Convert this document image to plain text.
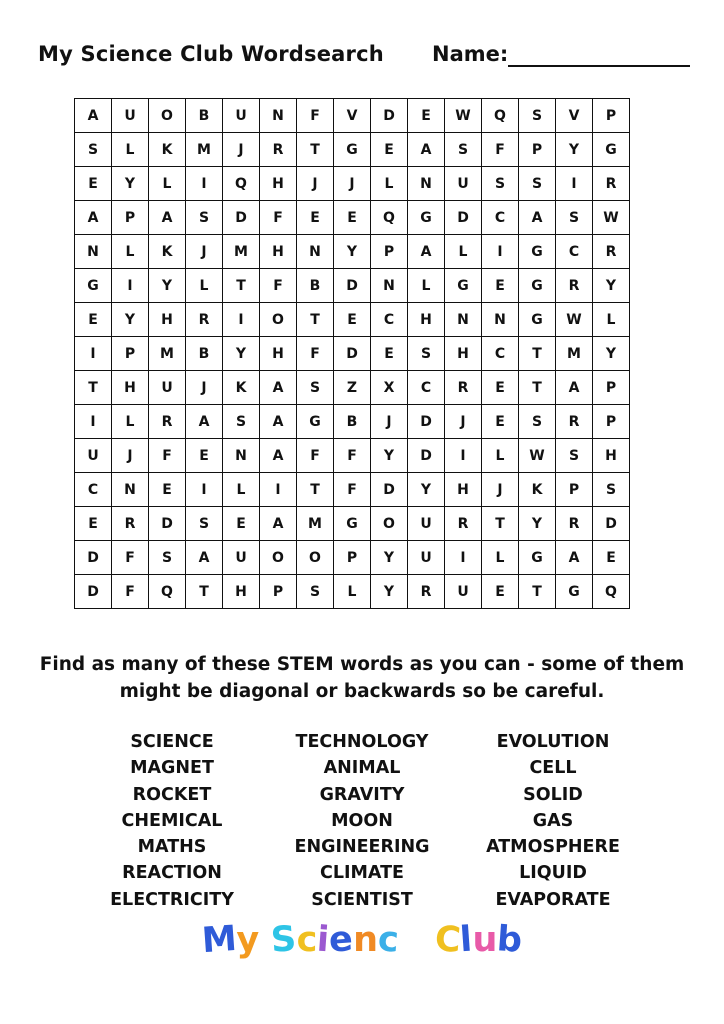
My Science Club Wordsearch Name:
A	U	O	B	U	N	F	V	D	E	W	Q	S	V	P
S	L	K	M	J	R	T	G	E	A	S	F	P	Y	G
E	Y	L	I	Q	H	J	J	L	N	U	S	S	I	R
A	P	A	S	D	F	E	E	Q	G	D	C	A	S	W
N	L	K	J	M	H	N	Y	P	A	L	I	G	C	R
G	I	Y	L	T	F	B	D	N	L	G	E	G	R	Y
E	Y	H	R	I	O	T	E	C	H	N	N	G	W	L
I	P	M	B	Y	H	F	D	E	S	H	C	T	M	Y
T	H	U	J	K	A	S	Z	X	C	R	E	T	A	P
I	L	R	A	S	A	G	B	J	D	J	E	S	R	P
U	J	F	E	N	A	F	F	Y	D	I	L	W	S	H
C	N	E	I	L	I	T	F	D	Y	H	J	K	P	S
E	R	D	S	E	A	M	G	O	U	R	T	Y	R	D
D	F	S	A	U	O	O	P	Y	U	I	L	G	A	E
D	F	Q	T	H	P	S	L	Y	R	U	E	T	G	Q
Find as many of these STEM words as you can - some of them
might be diagonal or backwards so be careful.
SCIENCE
MAGNET
ROCKET
CHEMICAL
MATHS
REACTION
ELECTRICITY
TECHNOLOGY
ANIMAL
GRAVITY
MOON
ENGINEERING
CLIMATE
SCIENTIST
EVOLUTION
CELL
SOLID
GAS
ATMOSPHERE
LIQUID
EVAPORATE
My Science Club
